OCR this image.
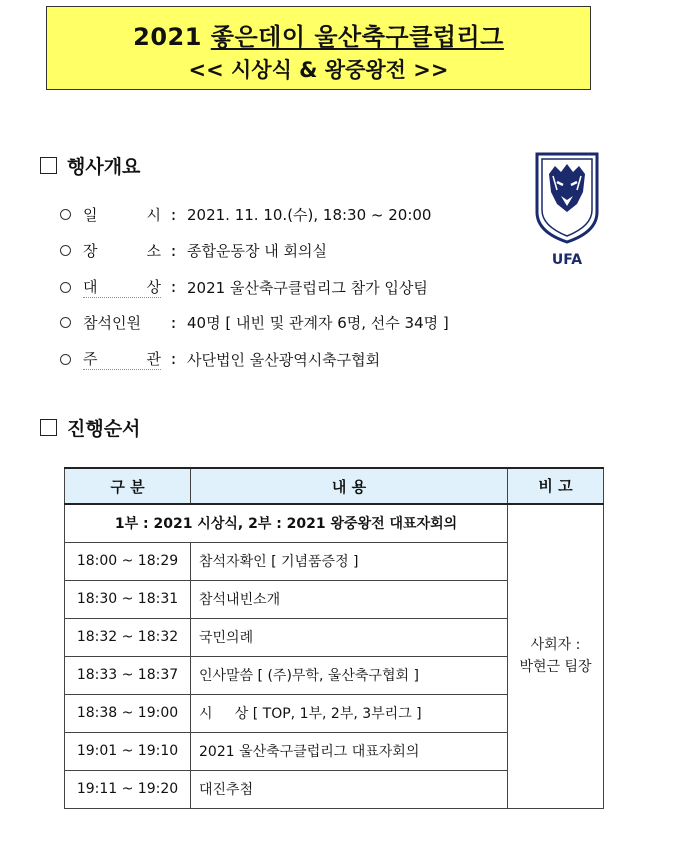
2021 좋은데이 울산축구클럽리그
<< 시상식 & 왕중왕전 >>
행사개요
UFA
일	시 : 2021. 11. 10.(수), 18:30 ~ 20:00
장	소 : 종합운동장 내 회의실
대	상 : 2021 울산축구클럽리그 참가 입상팀
참석인원 : 40명 [ 내빈 및 관계자 6명, 선수 34명 ]
주	관 : 사단법인 울산광역시축구협회
진행순서
구 분	내 용	비 고
1부 : 2021 시상식, 2부 : 2021 왕중왕전 대표자회의		사회자 :
박현근 팀장
18:00 ~ 18:29	참석자확인 [ 기념품증정 ]	
18:30 ~ 18:31	참석내빈소개	
18:32 ~ 18:32	국민의례	
18:33 ~ 18:37	인사말씀 [ (주)무학, 울산축구협회 ]	
18:38 ~ 19:00	시     상 [ TOP, 1부, 2부, 3부리그 ]	
19:01 ~ 19:10	2021 울산축구클럽리그 대표자회의	
19:11 ~ 19:20	대진추첨	
